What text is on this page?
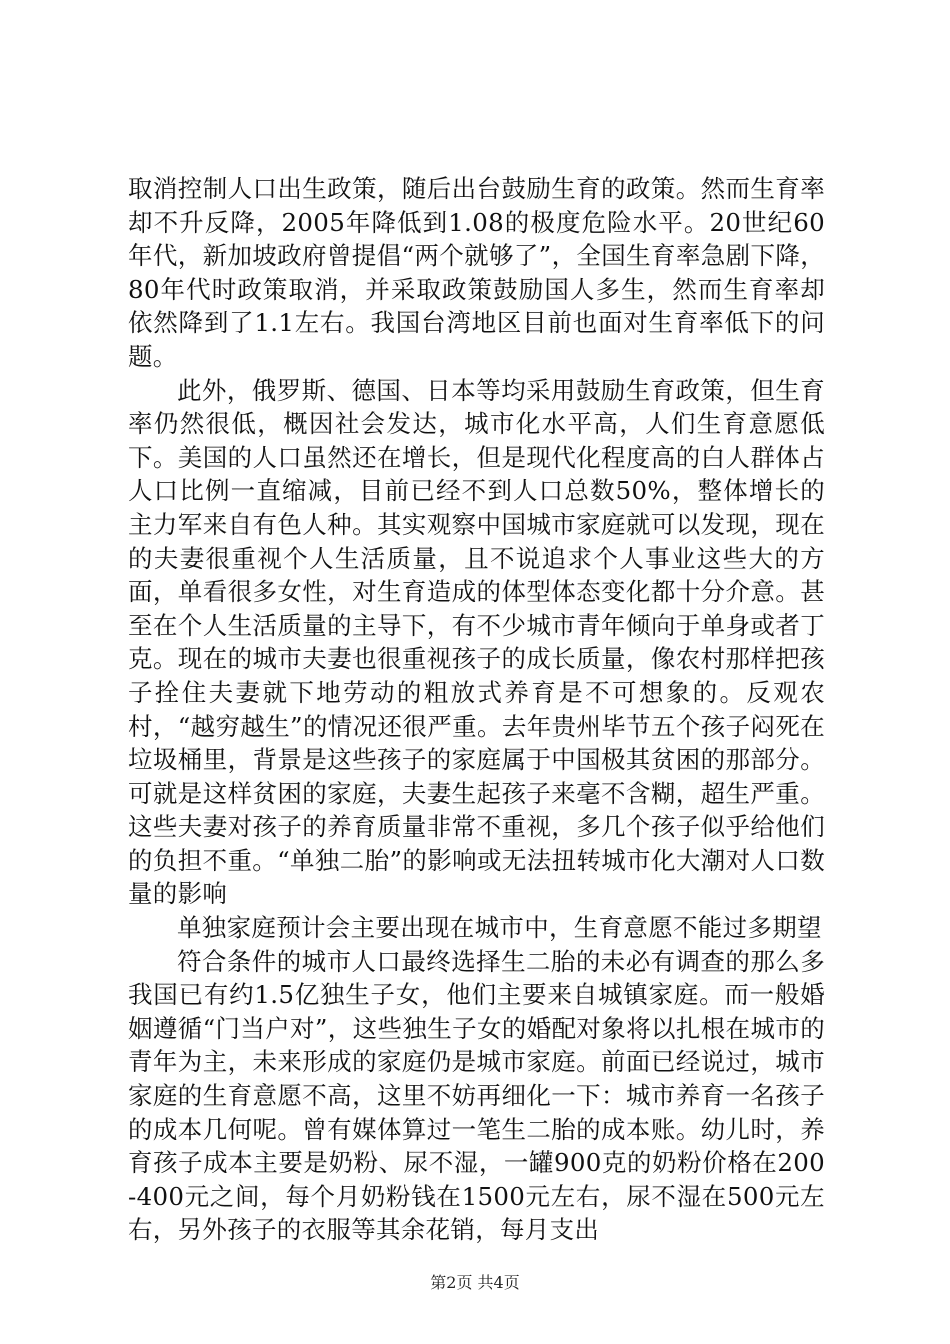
取消控制人口出生政策，随后出台鼓励生育的政策。然而生育率却不升反降，2005年降低到1.08的极度危险水平。20世纪60年代，新加坡政府曾提倡“两个就够了”，全国生育率急剧下降，80年代时政策取消，并采取政策鼓励国人多生，然而生育率却依然降到了1.1左右。我国台湾地区目前也面对生育率低下的问题。

此外，俄罗斯、德国、日本等均采用鼓励生育政策，但生育率仍然很低，概因社会发达，城市化水平高，人们生育意愿低下。美国的人口虽然还在增长，但是现代化程度高的白人群体占人口比例一直缩减，目前已经不到人口总数50%，整体增长的主力军来自有色人种。其实观察中国城市家庭就可以发现，现在的夫妻很重视个人生活质量，且不说追求个人事业这些大的方面，单看很多女性，对生育造成的体型体态变化都十分介意。甚至在个人生活质量的主导下，有不少城市青年倾向于单身或者丁克。现在的城市夫妻也很重视孩子的成长质量，像农村那样把孩子拴住夫妻就下地劳动的粗放式养育是不可想象的。反观农村，“越穷越生”的情况还很严重。去年贵州毕节五个孩子闷死在垃圾桶里，背景是这些孩子的家庭属于中国极其贫困的那部分。可就是这样贫困的家庭，夫妻生起孩子来毫不含糊，超生严重。这些夫妻对孩子的养育质量非常不重视，多几个孩子似乎给他们的负担不重。“单独二胎”的影响或无法扭转城市化大潮对人口数量的影响

单独家庭预计会主要出现在城市中，生育意愿不能过多期望

符合条件的城市人口最终选择生二胎的未必有调查的那么多我国已有约1.5亿独生子女，他们主要来自城镇家庭。而一般婚姻遵循“门当户对”，这些独生子女的婚配对象将以扎根在城市的青年为主，未来形成的家庭仍是城市家庭。前面已经说过，城市家庭的生育意愿不高，这里不妨再细化一下：城市养育一名孩子的成本几何呢。曾有媒体算过一笔生二胎的成本账。幼儿时，养育孩子成本主要是奶粉、尿不湿，一罐900克的奶粉价格在200-400元之间，每个月奶粉钱在1500元左右，尿不湿在500元左右，另外孩子的衣服等其余花销，每月支出

第2页 共4页
